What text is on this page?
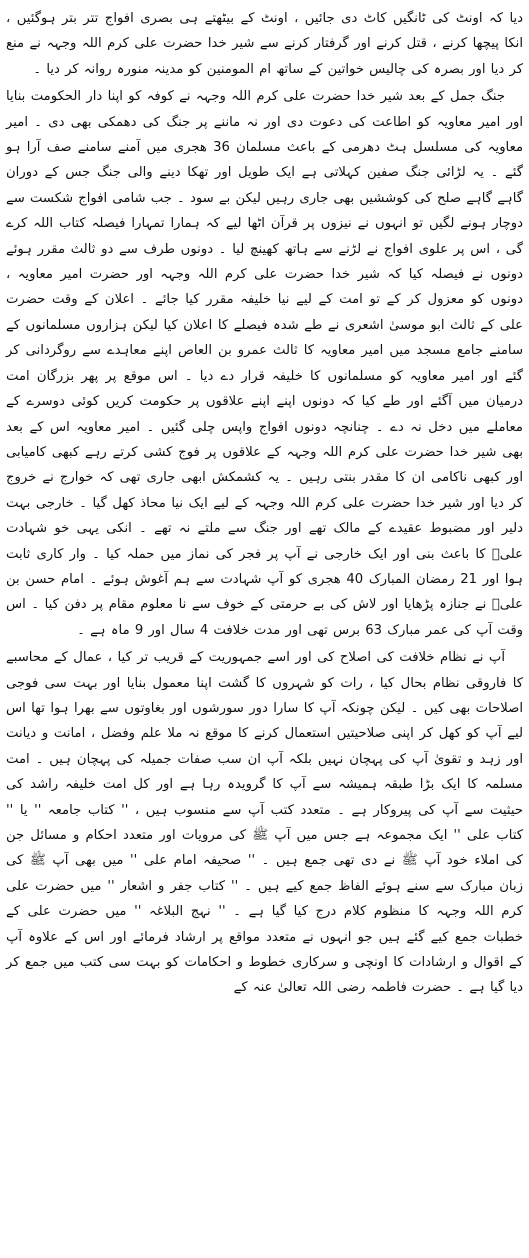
دیا کہ اونٹ کی ٹانگیں کاٹ دی جائیں ، اونٹ کے بیٹھتے ہی بصری افواج تتر بتر ہوگئیں ، انکا پیچھا کرنے ، قتل کرنے اور گرفتار کرنے سے شیر خدا حضرت علی کرم اللہ وجہہ نے منع کر دیا اور بصرہ کی چالیس خواتین کے ساتھ ام المومنین کو مدینہ منورہ روانہ کر دیا ۔

جنگ جمل کے بعد شیر خدا حضرت علی کرم اللہ وجہہ نے کوفہ کو اپنا دار الحکومت بنایا اور امیر معاویہ کو اطاعت کی دعوت دی اور نہ ماننے پر جنگ کی دھمکی بھی دی ۔ امیر معاویہ کی مسلسل ہٹ دھرمی کے باعث مسلمان 36 ھجری میں آمنے سامنے صف آرا ہو گئے ۔ یہ لڑائی جنگ صفین کہلاتی ہے ایک طویل اور تھکا دینے والی جنگ جس کے دوران گاہے گاہے صلح کی کوششیں بھی جاری رہیں لیکن بے سود ۔ جب شامی افواج شکست سے دوچار ہونے لگیں تو انہوں نے نیزوں پر قرآن اٹھا لیے کہ ہمارا تمہارا فیصلہ کتاب اللہ کرے گی ، اس پر علوی افواج نے لڑنے سے ہاتھ کھینچ لیا ۔ دونوں طرف سے دو ثالث مقرر ہوئے دونوں نے فیصلہ کیا کہ شیر خدا حضرت علی کرم اللہ وجہہ اور حضرت امیر معاویہ ، دونوں کو معزول کر کے تو امت کے لیے نیا خلیفہ مقرر کیا جائے ۔ اعلان کے وقت حضرت علی کے ثالث ابو موسیٰ اشعری نے طے شدہ فیصلے کا اعلان کیا لیکن ہزاروں مسلمانوں کے سامنے جامع مسجد میں امیر معاویہ کا ثالث عمرو بن العاص اپنے معاہدے سے روگردانی کر گئے اور امیر معاویہ کو مسلمانوں کا خلیفہ قرار دے دیا ۔ اس موقع پر پھر بزرگان امت درمیان میں آگئے اور طے کیا کہ دونوں اپنے اپنے علاقوں پر حکومت کریں کوئی دوسرے کے معاملے میں دخل نہ دے ۔ چنانچہ دونوں افواج واپس چلی گئیں ۔ امیر معاویہ اس کے بعد بھی شیر خدا حضرت علی کرم اللہ وجہہ کے علاقوں پر فوج کشی کرتے رہے کبھی کامیابی اور کبھی ناکامی ان کا مقدر بنتی رہیں ۔ یہ کشمکش ابھی جاری تھی کہ خوارج نے خروج کر دیا اور شیر خدا حضرت علی کرم اللہ وجہہ کے لیے ایک نیا محاذ کھل گیا ۔ خارجی بہت دلیر اور مضبوط عقیدے کے مالک تھے اور جنگ سے ملتے نہ تھے ۔ انکی یہی خو شہادت علیؓ کا باعث بنی اور ایک خارجی نے آپ پر فجر کی نماز میں حملہ کیا ۔ وار کاری ثابت ہوا اور 21 رمضان المبارک 40 ھجری کو آپ شہادت سے ہم آغوش ہوئے ۔ امام حسن بن علیؓ نے جنازہ پڑھایا اور لاش کی بے حرمتی کے خوف سے نا معلوم مقام پر دفن کیا ۔ اس وقت آپ کی عمر مبارک 63 برس تھی اور مدت خلافت 4 سال اور 9 ماہ ہے ۔

آپ نے نظام خلافت کی اصلاح کی اور اسے جمہوریت کے قریب تر کیا ، عمال کے محاسبے کا فاروقی نظام بحال کیا ، رات کو شہروں کا گشت اپنا معمول بنایا اور بہت سی فوجی اصلاحات بھی کیں ۔ لیکن چونکہ آپ کا سارا دور سورشوں اور بغاوتوں سے بھرا ہوا تھا اس لیے آپ کو کھل کر اپنی صلاحیتیں استعمال کرنے کا موقع نہ ملا علم وفضل ، امانت و دیانت اور زہد و تقویٰ آپ کی پہچان نہیں بلکہ آپ ان سب صفات جمیلہ کی پہچان ہیں ۔ امت مسلمہ کا ایک بڑا طبقہ ہمیشہ سے آپ کا گرویدہ رہا ہے اور کل امت خلیفہ راشد کی حیثیت سے آپ کی پیروکار ہے ۔ متعدد کتب آپ سے منسوب ہیں ، '' کتاب جامعہ '' یا '' کتاب علی '' ایک مجموعہ ہے جس میں آپ ﷺ کی مرویات اور متعدد احکام و مسائل جن کی املاء خود آپ ﷺ نے دی تھی جمع ہیں ۔ '' صحیفہ امام علی '' میں بھی آپ ﷺ کی زبان مبارک سے سنے ہوئے الفاظ جمع کیے ہیں ۔ '' کتاب جفر و اشعار '' میں حضرت علی کرم اللہ وجہہ کا منظوم کلام درج کیا گیا ہے ۔ '' نہج البلاغہ '' میں حضرت علی کے خطبات جمع کیے گئے ہیں جو انہوں نے متعدد مواقع پر ارشاد فرمائے اور اس کے علاوہ آپ کے اقوال و ارشادات کا اونچی و سرکاری خطوط و احکامات کو بہت سی کتب میں جمع کر دیا گیا ہے ۔ حضرت فاطمہ رضی اللہ تعالیٰ عنہ کے
